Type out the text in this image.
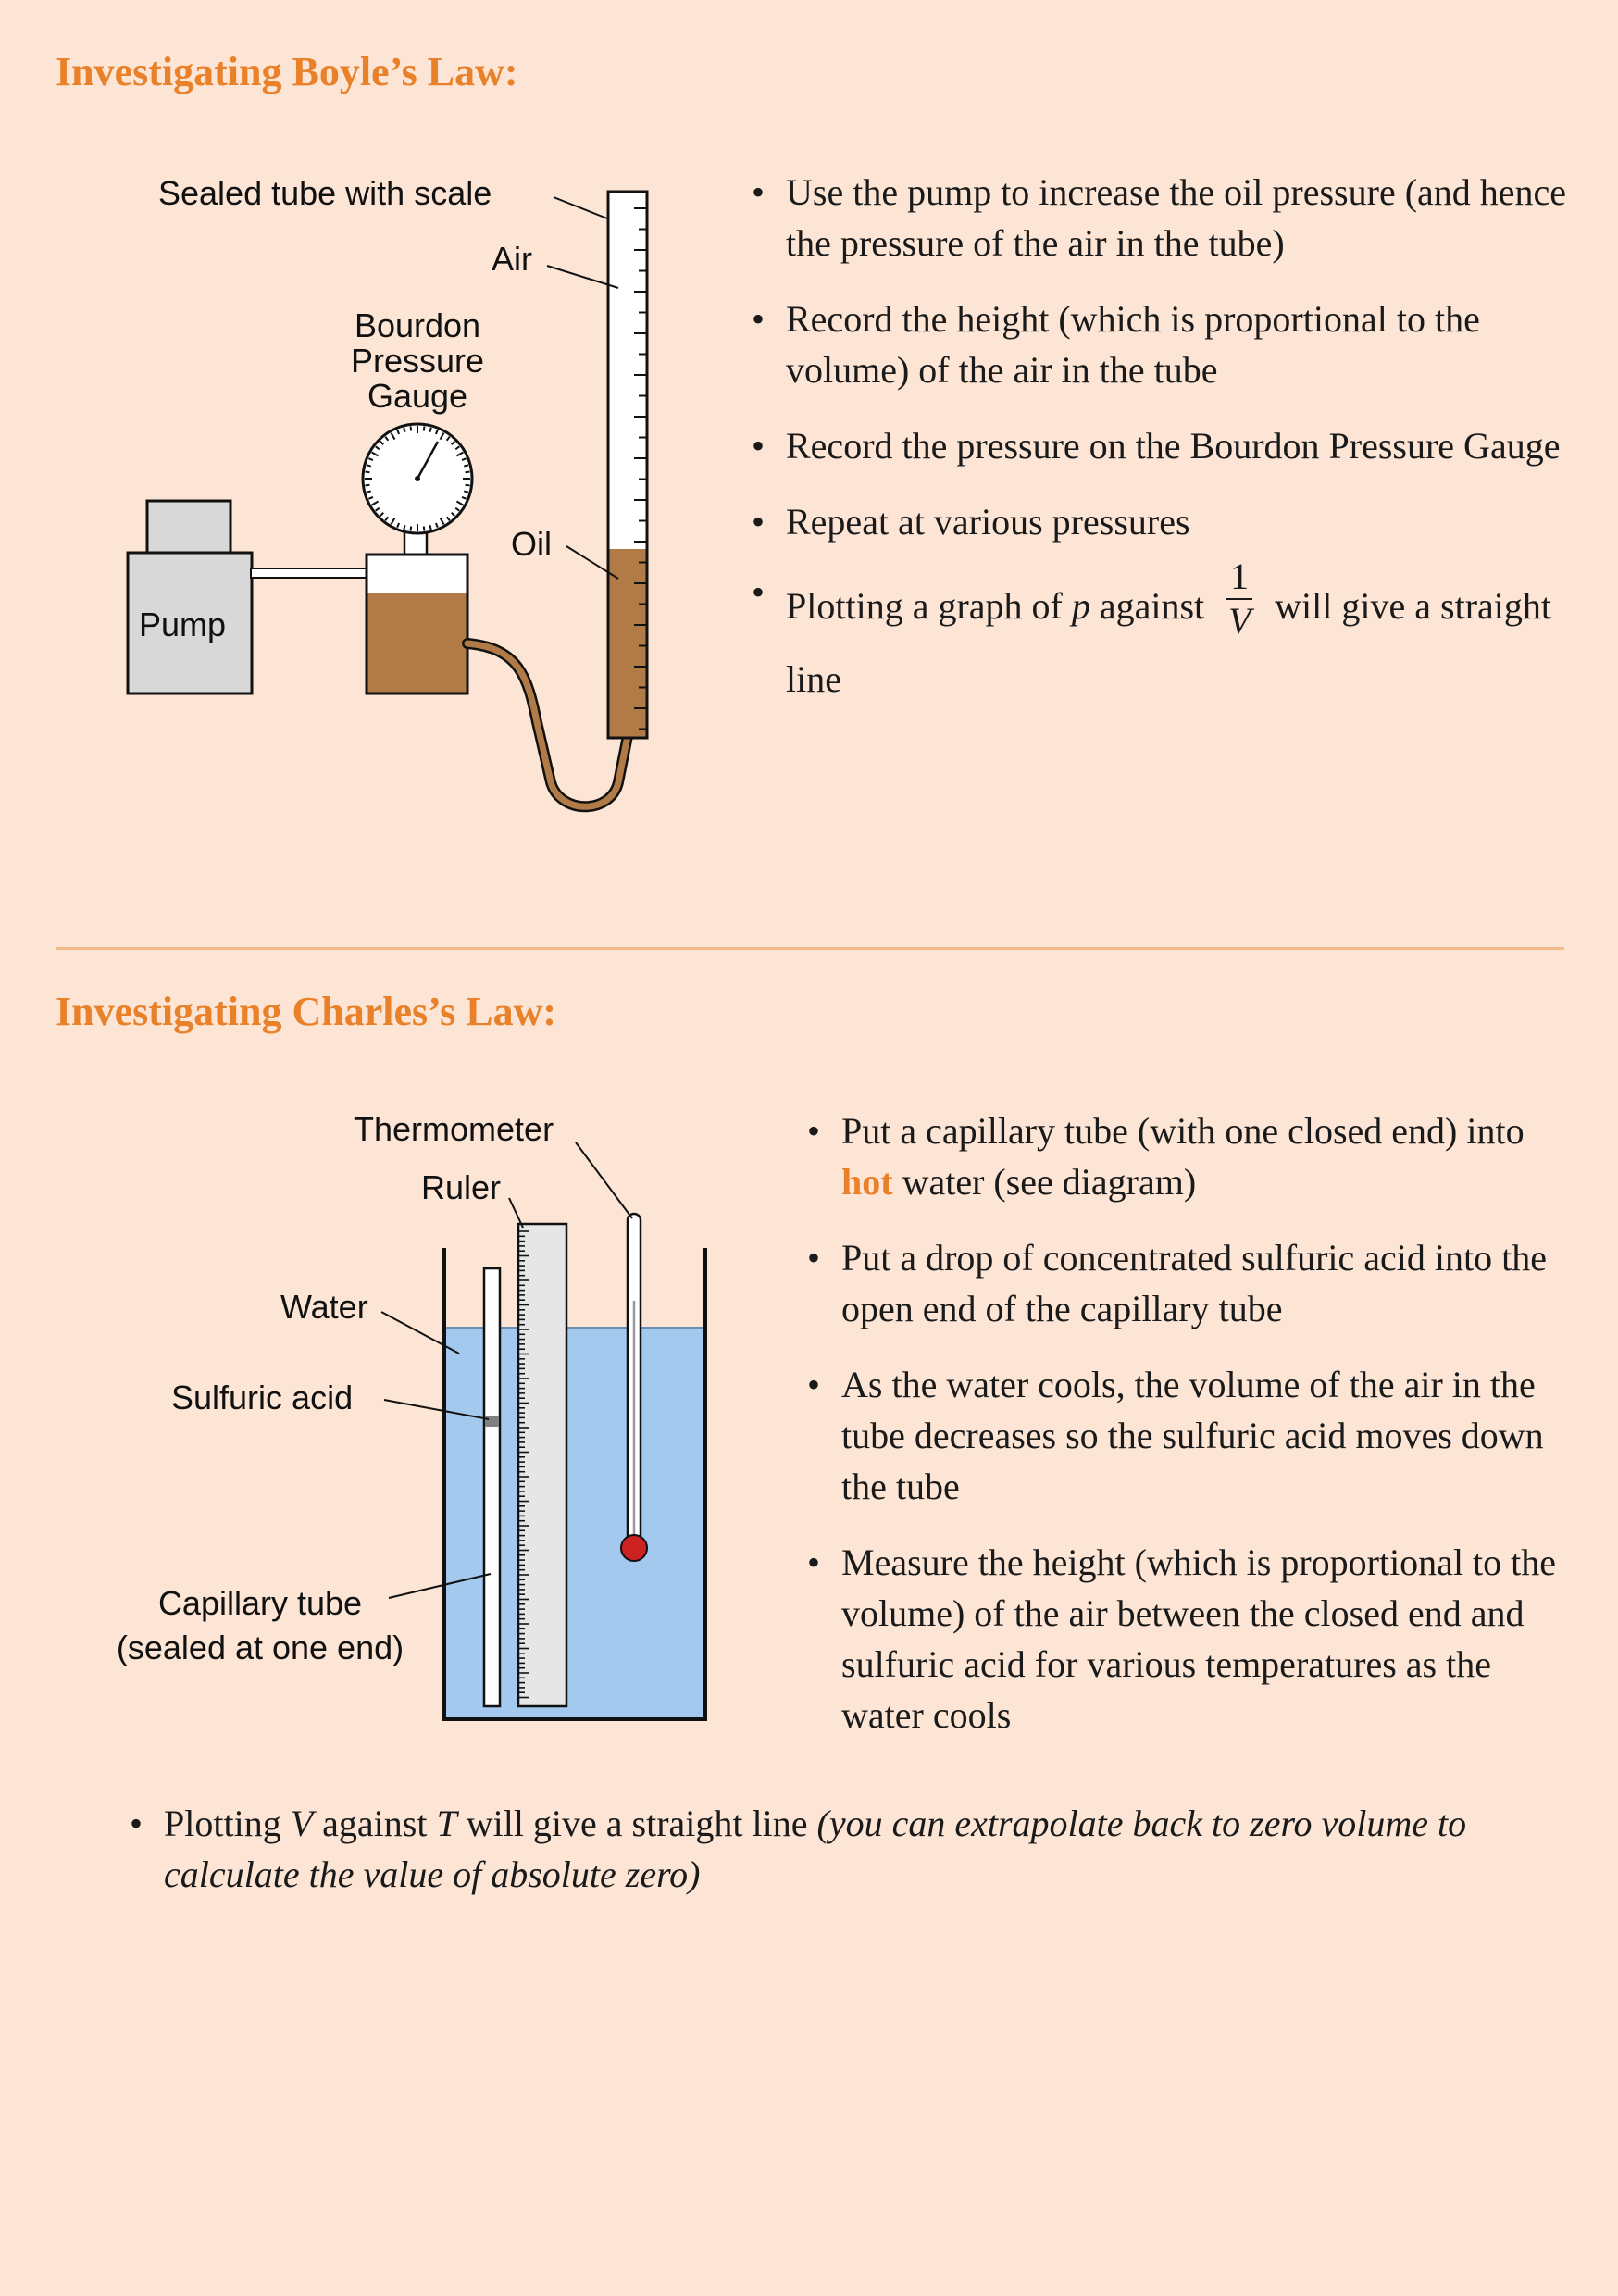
Investigating Boyle’s Law:
Pump
Sealed tube with scale
Air
Bourdon
Pressure
Gauge
Oil
• Use the pump to increase the oil pressure (and hence the pressure of the air in the tube)
• Record the height (which is proportional to the volume) of the air in the tube
• Record the pressure on the Bourdon Pressure Gauge
• Repeat at various pressures
• Plotting a graph of p against $\frac{1}{V}$ will give a straight line
Investigating Charles’s Law:
Thermometer
Ruler
Water
Sulfuric acid
Capillary tube
(sealed at one end)
• Put a capillary tube (with one closed end) into hot water (see diagram)
• Put a drop of concentrated sulfuric acid into the open end of the capillary tube
• As the water cools, the volume of the air in the tube decreases so the sulfuric acid moves down the tube
• Measure the height (which is proportional to the volume) of the air between the closed end and sulfuric acid for various temperatures as the water cools
• Plotting V against T will give a straight line (you can extrapolate back to zero volume to calculate the value of absolute zero)
